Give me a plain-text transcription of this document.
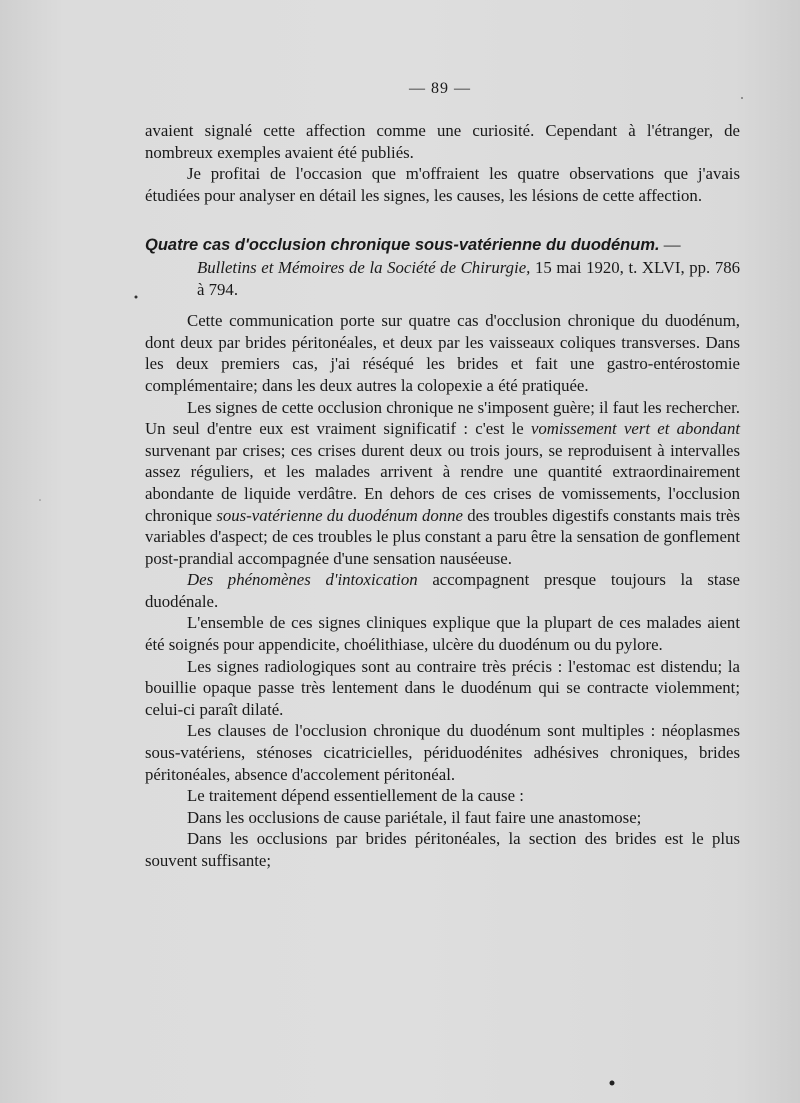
— 89 —

avaient signalé cette affection comme une curiosité. Cependant à l'étranger, de nombreux exemples avaient été publiés.

Je profitai de l'occasion que m'offraient les quatre observations que j'avais étudiées pour analyser en détail les signes, les causes, les lésions de cette affection.

Quatre cas d'occlusion chronique sous-vatérienne du duodénum. —

Bulletins et Mémoires de la Société de Chirurgie, 15 mai 1920, t. XLVI, pp. 786 à 794.

Cette communication porte sur quatre cas d'occlusion chronique du duodénum, dont deux par brides péritonéales, et deux par les vaisseaux coliques transverses. Dans les deux premiers cas, j'ai réséqué les brides et fait une gastro-entérostomie complémentaire; dans les deux autres la colopexie a été pratiquée.

Les signes de cette occlusion chronique ne s'imposent guère; il faut les rechercher. Un seul d'entre eux est vraiment significatif : c'est le vomissement vert et abondant survenant par crises; ces crises durent deux ou trois jours, se reproduisent à intervalles assez réguliers, et les malades arrivent à rendre une quantité extraordinairement abondante de liquide verdâtre. En dehors de ces crises de vomissements, l'occlusion chronique sous-vatérienne du duodénum donne des troubles digestifs constants mais très variables d'aspect; de ces troubles le plus constant a paru être la sensation de gonflement post-prandial accompagnée d'une sensation nauséeuse.

Des phénomènes d'intoxication accompagnent presque toujours la stase duodénale.

L'ensemble de ces signes cliniques explique que la plupart de ces malades aient été soignés pour appendicite, choélithiase, ulcère du duodénum ou du pylore.

Les signes radiologiques sont au contraire très précis : l'estomac est distendu; la bouillie opaque passe très lentement dans le duodénum qui se contracte violemment; celui-ci paraît dilaté.

Les clauses de l'occlusion chronique du duodénum sont multiples : néoplasmes sous-vatériens, sténoses cicatricielles, périduodénites adhésives chroniques, brides péritonéales, absence d'accolement péritonéal.

Le traitement dépend essentiellement de la cause :

Dans les occlusions de cause pariétale, il faut faire une anastomose;

Dans les occlusions par brides péritonéales, la section des brides est le plus souvent suffisante;
